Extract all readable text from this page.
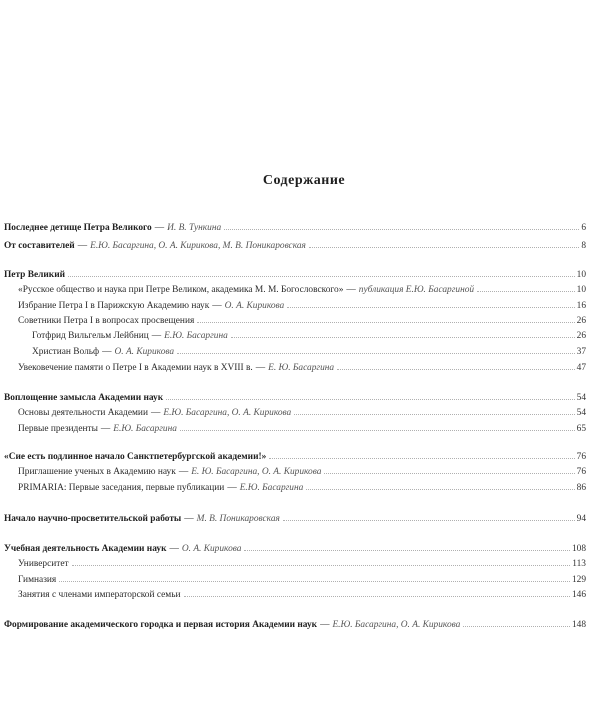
Содержание
Последнее детище Петра Великого — И. В. Тункина	6
От составителей — Е.Ю. Басаргина, О. А. Кирикова, М. В. Поникаровская	8
Петр Великий	10
«Русское общество и наука при Петре Великом, академика М. М. Богословского» — публикация Е.Ю. Басаргиной	10
Избрание Петра I в Парижскую Академию наук — О. А. Кирикова	16
Советники Петра I в вопросах просвещения	26
Готфрид Вильгельм Лейбниц — Е.Ю. Басаргина	26
Христиан Вольф — О. А. Кирикова	37
Увековечение памяти о Петре I в Академии наук в XVIII в. — Е. Ю. Басаргина	47
Воплощение замысла Академии наук	54
Основы деятельности Академии — Е.Ю. Басаргина, О. А. Кирикова	54
Первые президенты — Е.Ю. Басаргина	65
«Сие есть подлинное начало Санктпетербургской академии!»	76
Приглашение ученых в Академию наук — Е. Ю. Басаргина, О. А. Кирикова	76
PRIMARIA: Первые заседания, первые публикации — Е.Ю. Басаргина	86
Начало научно-просветительской работы — М. В. Поникаровская	94
Учебная деятельность Академии наук — О. А. Кирикова	108
Университет	113
Гимназия	129
Занятия с членами императорской семьи	146
Формирование академического городка и первая история Академии наук — Е.Ю. Басаргина, О. А. Кирикова	148
